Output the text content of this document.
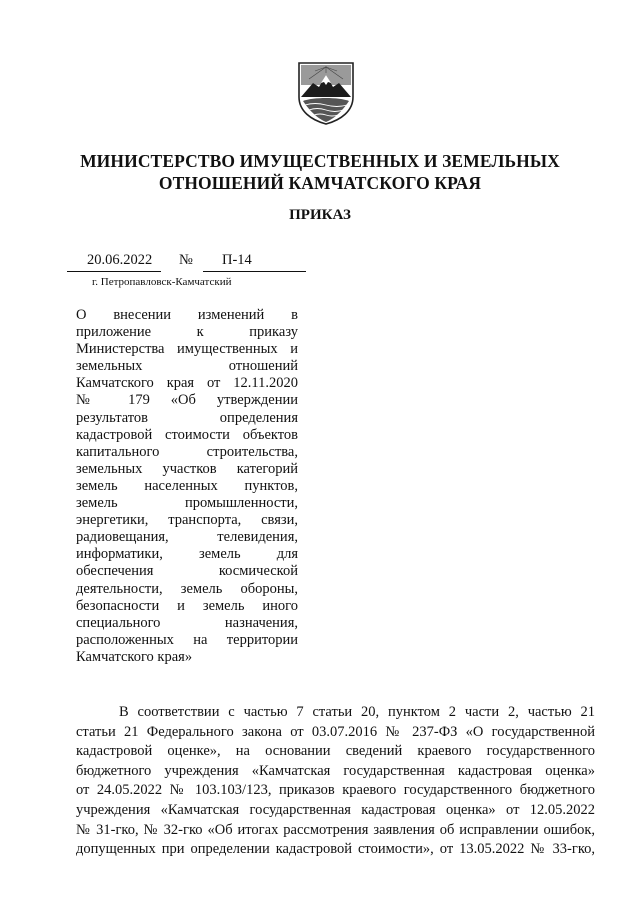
МИНИСТЕРСТВО ИМУЩЕСТВЕННЫХ И ЗЕМЕЛЬНЫХ
ОТНОШЕНИЙ КАМЧАТСКОГО КРАЯ
ПРИКАЗ
20.06.2022 № П-14
г. Петропавловск-Камчатский
О внесении изменений в
приложение к приказу
Министерства имущественных и
земельных отношений
Камчатского края от 12.11.2020
№ 179 «Об утверждении
результатов определения
кадастровой стоимости объектов
капитального строительства,
земельных участков категорий
земель населенных пунктов,
земель промышленности,
энергетики, транспорта, связи,
радиовещания, телевидения,
информатики, земель для
обеспечения космической
деятельности, земель обороны,
безопасности и земель иного
специального назначения,
расположенных на территории
Камчатского края»
В соответствии с частью 7 статьи 20, пунктом 2 части 2, частью 21
статьи 21 Федерального закона от 03.07.2016 № 237-ФЗ «О государственной
кадастровой оценке», на основании сведений краевого государственного
бюджетного учреждения «Камчатская государственная кадастровая оценка»
от 24.05.2022 № 103.103/123, приказов краевого государственного бюджетного
учреждения «Камчатская государственная кадастровая оценка» от 12.05.2022
№ 31-гко, № 32-гко «Об итогах рассмотрения заявления об исправлении ошибок,
допущенных при определении кадастровой стоимости», от 13.05.2022 № 33-гко,
